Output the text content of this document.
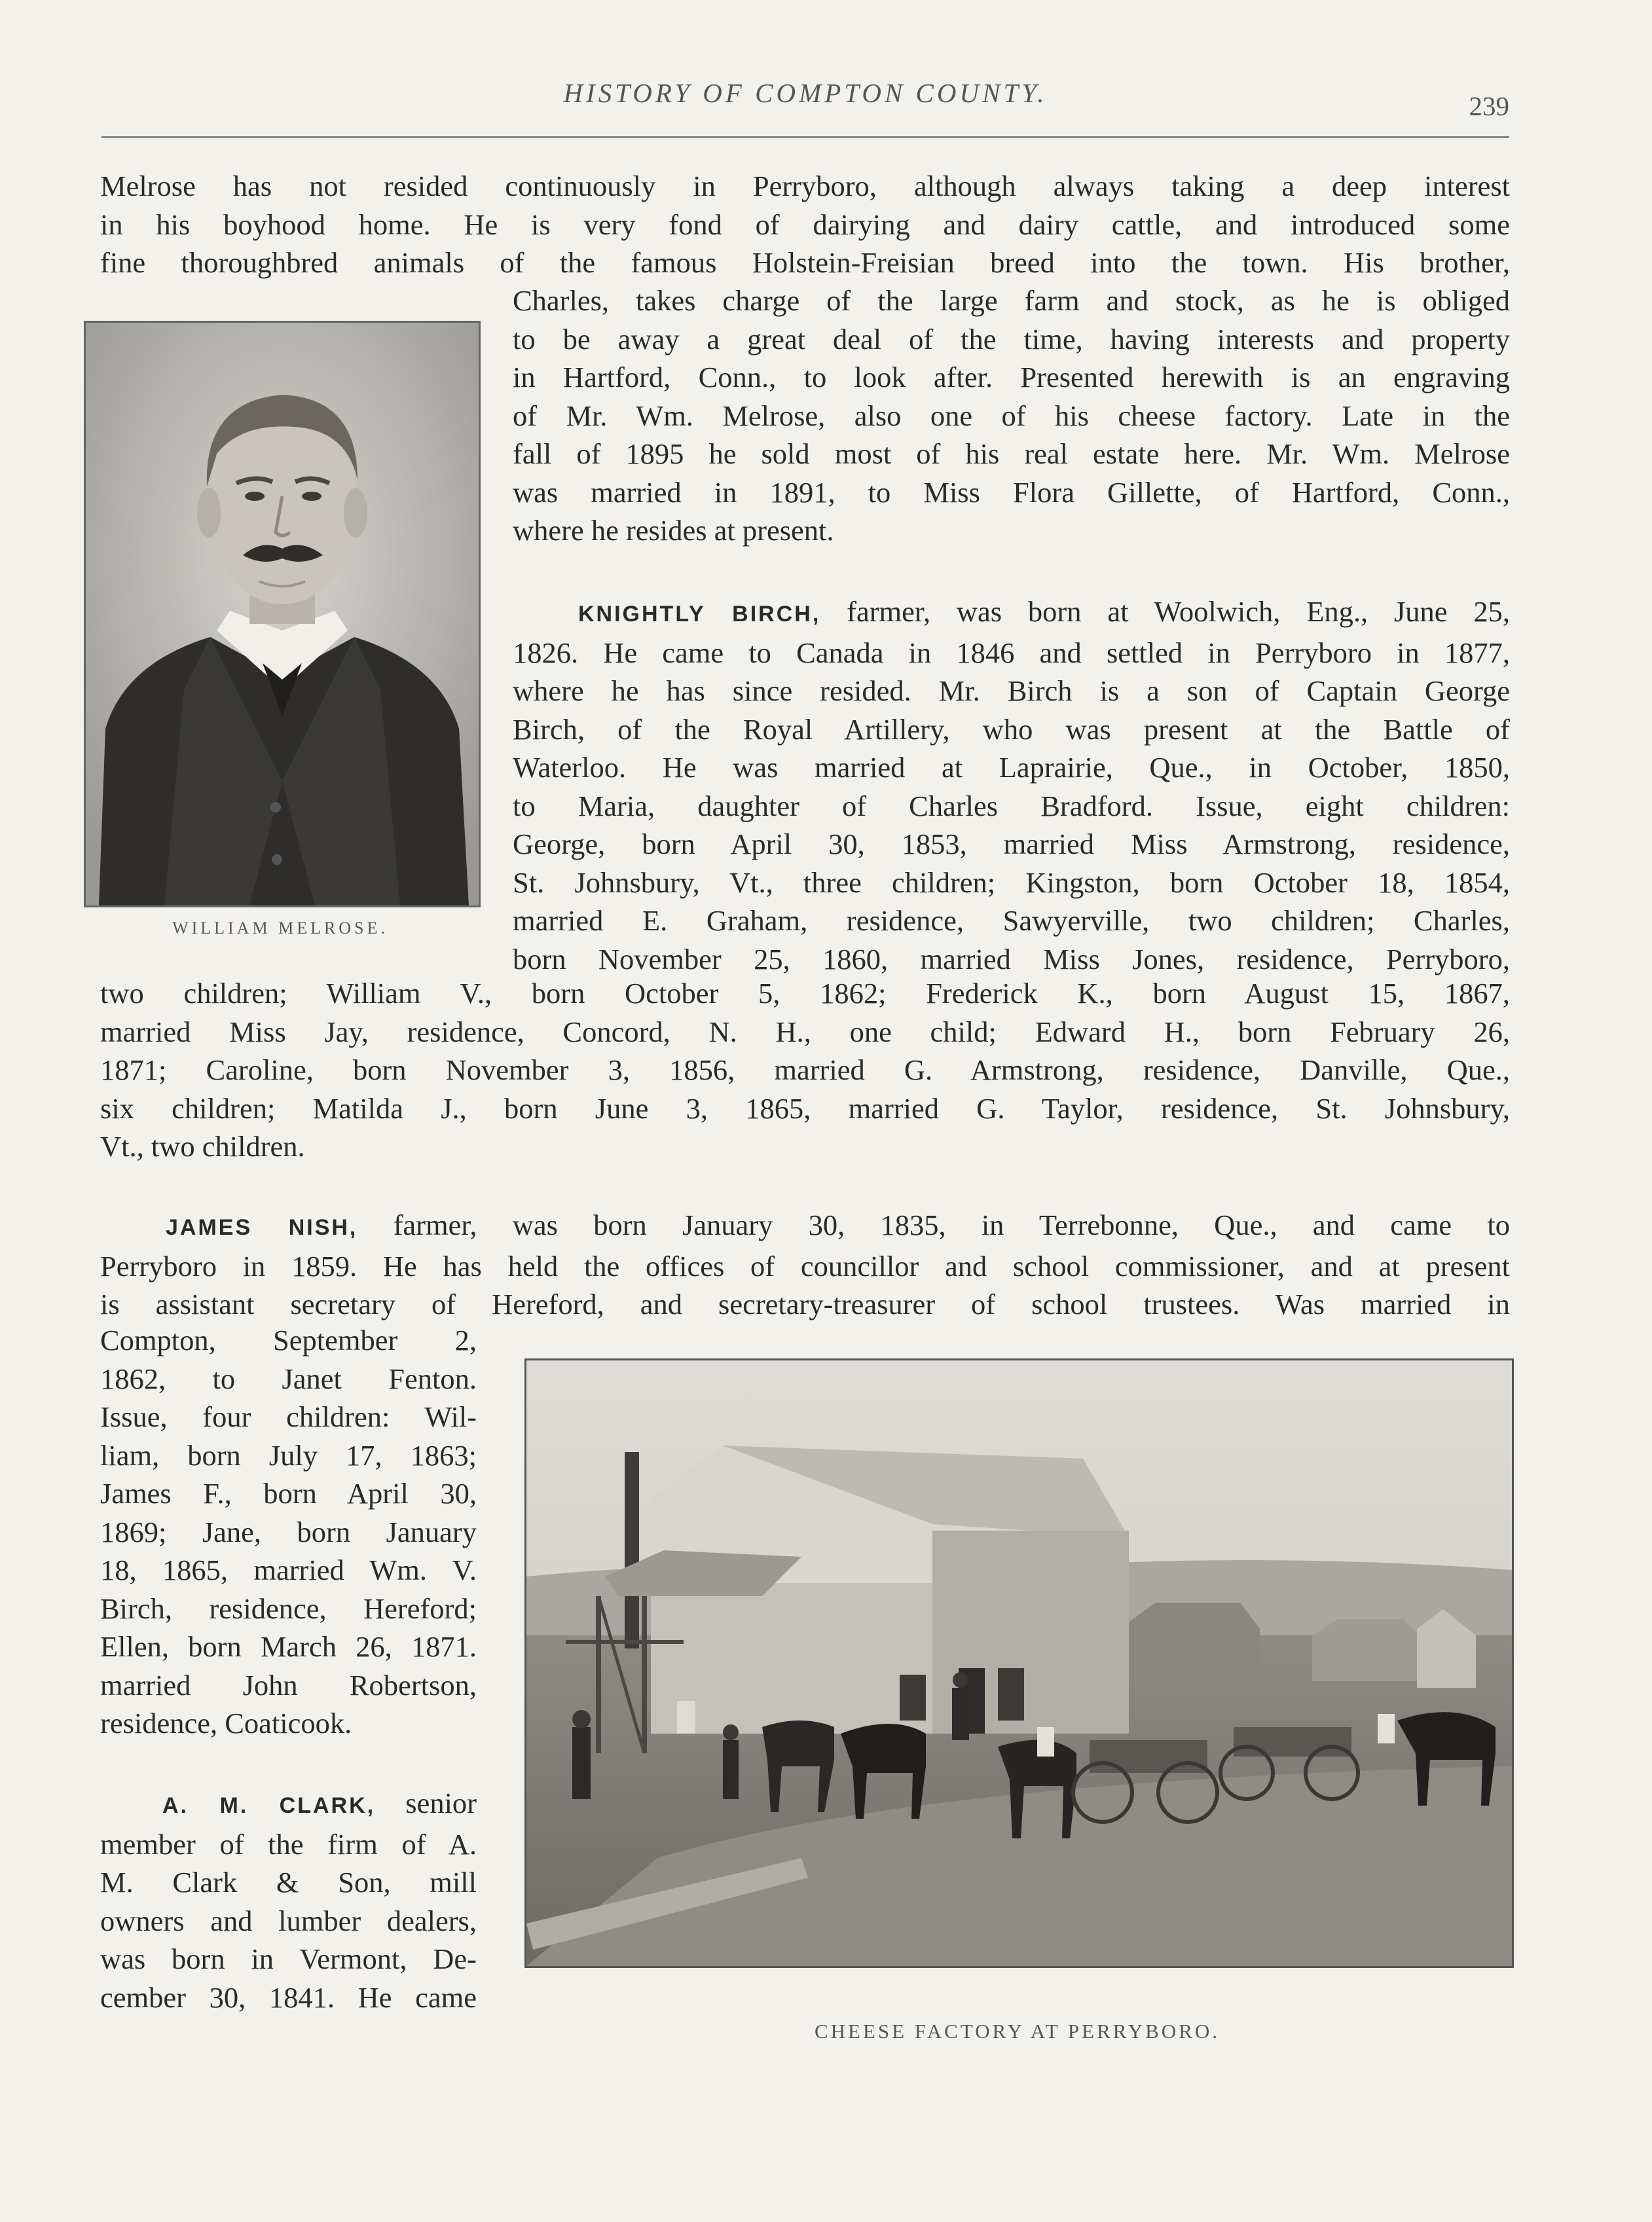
HISTORY OF COMPTON COUNTY.	239
Melrose has not resided continuously in Perryboro, although always taking a deep interest
in his boyhood home. He is very fond of dairying and dairy cattle, and introduced some
fine thoroughbred animals of the famous Holstein-Freisian breed into the town. His brother,
Charles, takes charge of the large farm and stock, as he is obliged
to be away a great deal of the time, having interests and property
in Hartford, Conn., to look after. Presented herewith is an engraving
of Mr. Wm. Melrose, also one of his cheese factory. Late in the
fall of 1895 he sold most of his real estate here. Mr. Wm. Melrose
was married in 1891, to Miss Flora Gillette, of Hartford, Conn.,
where he resides at present.
WILLIAM MELROSE.
KNIGHTLY BIRCH, farmer, was born at Woolwich, Eng., June 25,
1826. He came to Canada in 1846 and settled in Perryboro in 1877,
where he has since resided. Mr. Birch is a son of Captain George
Birch, of the Royal Artillery, who was present at the Battle of
Waterloo. He was married at Laprairie, Que., in October, 1850,
to Maria, daughter of Charles Bradford. Issue, eight children:
George, born April 30, 1853, married Miss Armstrong, residence,
St. Johnsbury, Vt., three children; Kingston, born October 18, 1854,
married E. Graham, residence, Sawyerville, two children; Charles,
born November 25, 1860, married Miss Jones, residence, Perryboro,
two children; William V., born October 5, 1862; Frederick K., born August 15, 1867,
married Miss Jay, residence, Concord, N. H., one child; Edward H., born February 26,
1871; Caroline, born November 3, 1856, married G. Armstrong, residence, Danville, Que.,
six children; Matilda J., born June 3, 1865, married G. Taylor, residence, St. Johnsbury,
Vt., two children.
JAMES NISH, farmer, was born January 30, 1835, in Terrebonne, Que., and came to
Perryboro in 1859. He has held the offices of councillor and school commissioner, and at present
is assistant secretary of Hereford, and secretary-treasurer of school trustees. Was married in
Compton, September 2,
1862, to Janet Fenton.
Issue, four children: Wil-
liam, born July 17, 1863;
James F., born April 30,
1869; Jane, born January
18, 1865, married Wm. V.
Birch, residence, Hereford;
Ellen, born March 26, 1871.
married John Robertson,
residence, Coaticook.
A. M. CLARK, senior
member of the firm of A.
M. Clark & Son, mill
owners and lumber dealers,
was born in Vermont, De-
cember 30, 1841. He came
CHEESE FACTORY AT PERRYBORO.
